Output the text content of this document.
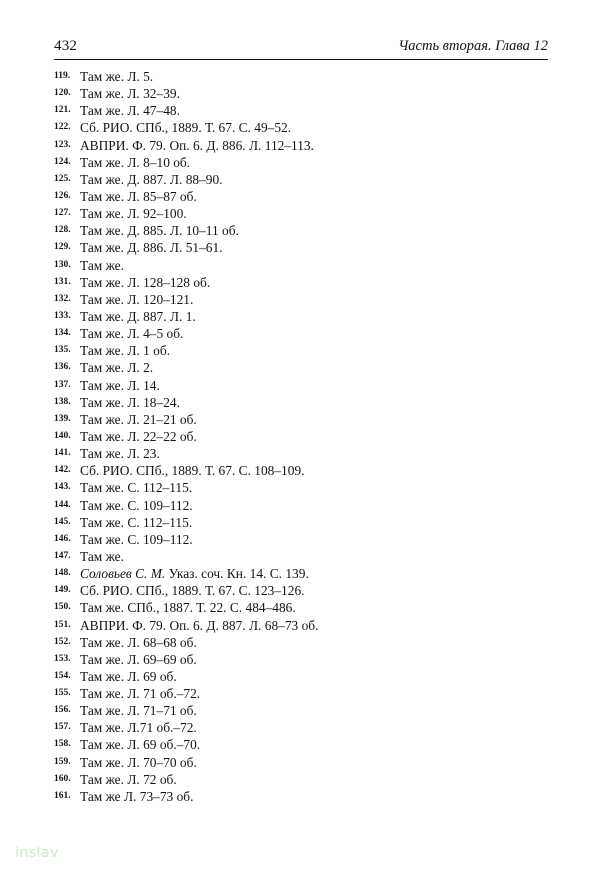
432	Часть вторая. Глава 12
119. Там же. Л. 5.
120. Там же. Л. 32–39.
121. Там же. Л. 47–48.
122. Сб. РИО. СПб., 1889. Т. 67. С. 49–52.
123. АВПРИ. Ф. 79. Оп. 6. Д. 886. Л. 112–113.
124. Там же. Л. 8–10 об.
125. Там же. Д. 887. Л. 88–90.
126. Там же. Л. 85–87 об.
127. Там же. Л. 92–100.
128. Там же. Д. 885. Л. 10–11 об.
129. Там же. Д. 886. Л. 51–61.
130. Там же.
131. Там же. Л. 128–128 об.
132. Там же. Л. 120–121.
133. Там же. Д. 887. Л. 1.
134. Там же. Л. 4–5 об.
135. Там же. Л. 1 об.
136. Там же. Л. 2.
137. Там же. Л. 14.
138. Там же. Л. 18–24.
139. Там же. Л. 21–21 об.
140. Там же. Л. 22–22 об.
141. Там же. Л. 23.
142. Сб. РИО. СПб., 1889. Т. 67. С. 108–109.
143. Там же. С. 112–115.
144. Там же. С. 109–112.
145. Там же. С. 112–115.
146. Там же. С. 109–112.
147. Там же.
148. Соловьев С. М. Указ. соч. Кн. 14. С. 139.
149. Сб. РИО. СПб., 1889. Т. 67. С. 123–126.
150. Там же. СПб., 1887. Т. 22. С. 484–486.
151. АВПРИ. Ф. 79. Оп. 6. Д. 887. Л. 68–73 об.
152. Там же. Л. 68–68 об.
153. Там же. Л. 69–69 об.
154. Там же. Л. 69 об.
155. Там же. Л. 71 об.–72.
156. Там же. Л. 71–71 об.
157. Там же. Л.71 об.–72.
158. Там же. Л. 69 об.–70.
159. Там же. Л. 70–70 об.
160. Там же. Л. 72 об.
161. Там же Л. 73–73 об.
inslav
